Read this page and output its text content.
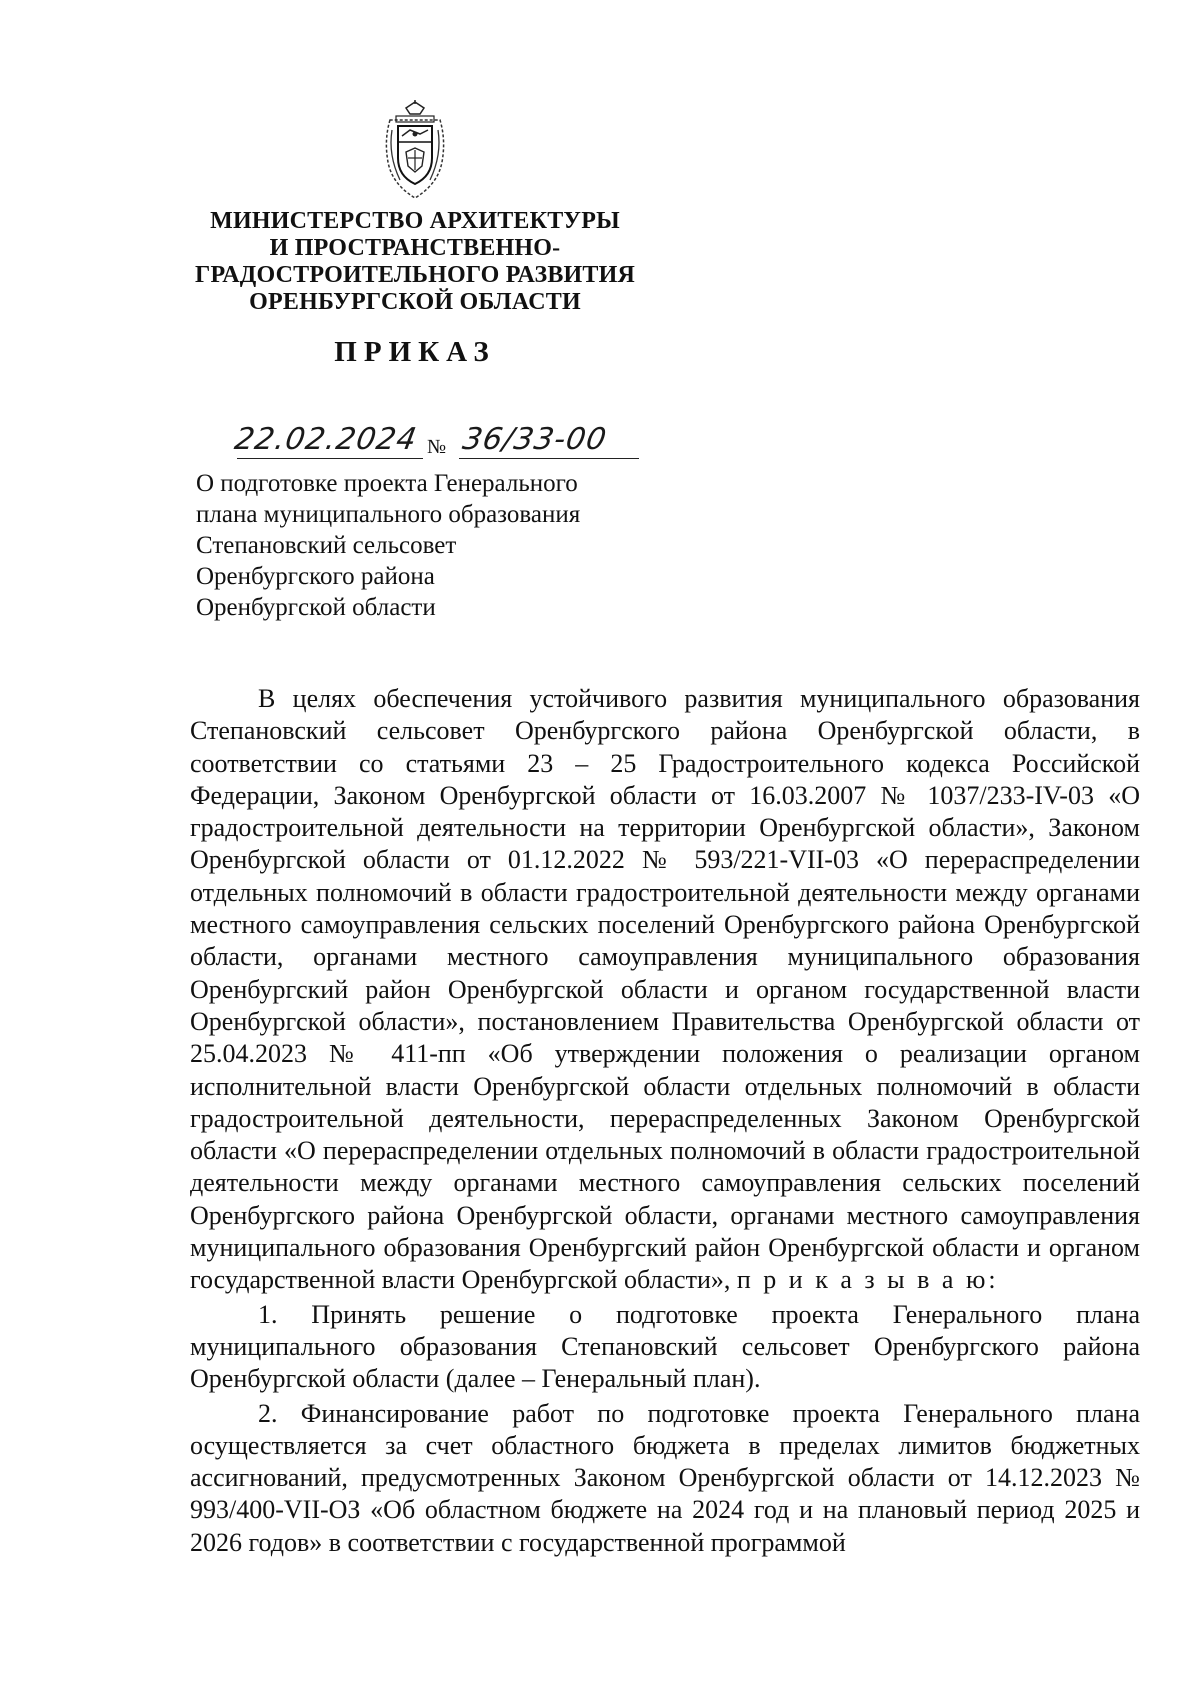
МИНИСТЕРСТВО АРХИТЕКТУРЫ
И ПРОСТРАНСТВЕННО-
ГРАДОСТРОИТЕЛЬНОГО РАЗВИТИЯ
ОРЕНБУРГСКОЙ ОБЛАСТИ
ПРИКАЗ
22.02.2024 № 36/33-00
О подготовке проекта Генерального
плана муниципального образования
Степановский сельсовет
Оренбургского района
Оренбургской области

В целях обеспечения устойчивого развития муниципального образования Степановский сельсовет Оренбургского района Оренбургской области, в соответствии со статьями 23 – 25 Градостроительного кодекса Российской Федерации, Законом Оренбургской области от 16.03.2007 № 1037/233-IV-03 «О градостроительной деятельности на территории Оренбургской области», Законом Оренбургской области от 01.12.2022 № 593/221-VII-03 «О перераспределении отдельных полномочий в области градостроительной деятельности между органами местного самоуправления сельских поселений Оренбургского района Оренбургской области, органами местного самоуправления муниципального образования Оренбургский район Оренбургской области и органом государственной власти Оренбургской области», постановлением Правительства Оренбургской области от 25.04.2023 № 411-пп «Об утверждении положения о реализации органом исполнительной власти Оренбургской области отдельных полномочий в области градостроительной деятельности, перераспределенных Законом Оренбургской области «О перераспределении отдельных полномочий в области градостроительной деятельности между органами местного самоуправления сельских поселений Оренбургского района Оренбургской области, органами местного самоуправления муниципального образования Оренбургский район Оренбургской области и органом государственной власти Оренбургской области», п р и к а з ы в а ю:

1. Принять решение о подготовке проекта Генерального плана муниципального образования Степановский сельсовет Оренбургского района Оренбургской области (далее – Генеральный план).

2. Финансирование работ по подготовке проекта Генерального плана осуществляется за счет областного бюджета в пределах лимитов бюджетных ассигнований, предусмотренных Законом Оренбургской области от 14.12.2023 № 993/400-VII-ОЗ «Об областном бюджете на 2024 год и на плановый период 2025 и 2026 годов» в соответствии с государственной программой
